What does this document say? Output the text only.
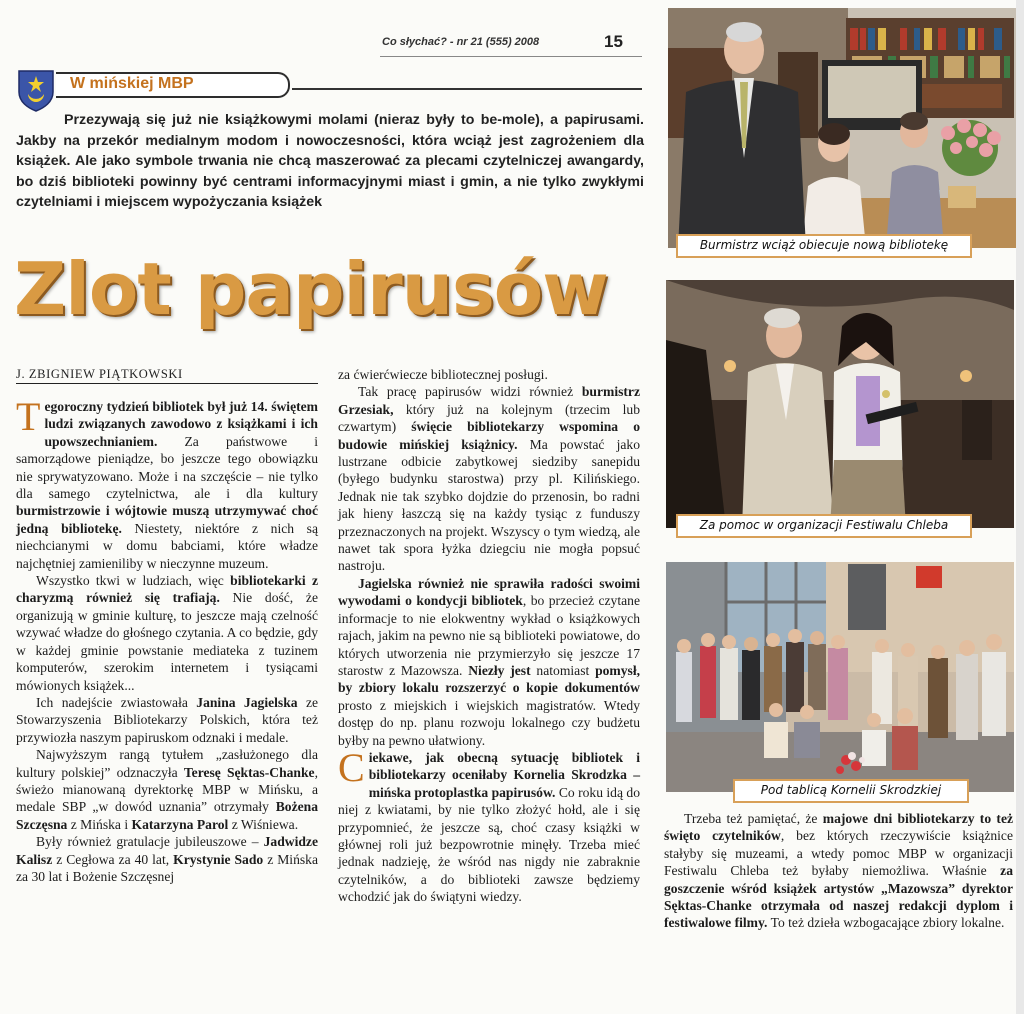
Co słychać? - nr 21 (555) 2008	15
W mińskiej MBP

Przezywają się już nie książkowymi molami (nieraz były to be-mole), a papirusami. Jakby na przekór medialnym modom i nowoczesności, która wciąż jest zagrożeniem dla książek. Ale jako symbole trwania nie chcą maszerować za plecami czytelniczej awangardy, bo dziś biblioteki powinny być centrami informacyjnymi miast i gmin, a nie tylko zwykłymi czytelniami i miejscem wypożyczania książek

Zlot papirusów
J. ZBIGNIEW PIĄTKOWSKI

Tegoroczny tydzień bibliotek był już 14. świętem ludzi związanych zawodowo z książkami i ich upowszechnianiem. Za państwowe i samorządowe pieniądze, bo jeszcze tego obowiązku nie sprywatyzowano. Może i na szczęście – nie tylko dla samego czytelnictwa, ale i dla kultury burmistrzowie i wójtowie muszą utrzymywać choć jedną bibliotekę. Niestety, niektóre z nich są niechcianymi w domu babciami, które władze najchętniej zamieniliby w nieczynne muzeum.

Wszystko tkwi w ludziach, więc bibliotekarki z charyzmą również się trafiają. Nie dość, że organizują w gminie kulturę, to jeszcze mają czelność wzywać władze do głośnego czytania. A co będzie, gdy w każdej gminie powstanie mediateka z tuzinem komputerów, szerokim internetem i tysiącami mówionych książek...

Ich nadejście zwiastowała Janina Jagielska ze Stowarzyszenia Bibliotekarzy Polskich, która też przywiozła naszym papiruskom odznaki i medale.

Najwyższym rangą tytułem „zasłużonego dla kultury polskiej” odznaczyła Teresę Sęktas-Chanke, świeżo mianowaną dyrektorkę MBP w Mińsku, a medale SBP „w dowód uznania” otrzymały Bożena Szczęsna z Mińska i Katarzyna Parol z Wiśniewa.

Były również gratulacje jubileuszowe – Jadwidze Kalisz z Cegłowa za 40 lat, Krystynie Sado z Mińska za 30 lat i Bożenie Szczęsnej

za ćwierćwiecze bibliotecznej posługi.

Tak pracę papirusów widzi również burmistrz Grzesiak, który już na kolejnym (trzecim lub czwartym) święcie bibliotekarzy wspomina o budowie mińskiej książnicy. Ma powstać jako lustrzane odbicie zabytkowej siedziby sanepidu (byłego budynku starostwa) przy pl. Kilińskiego. Jednak nie tak szybko dojdzie do przenosin, bo radni jak hieny łaszczą się na każdy tysiąc z funduszy przeznaczonych na projekt. Wszyscy o tym wiedzą, ale nawet tak spora łyżka dziegciu nie mogła popsuć nastroju.

Jagielska również nie sprawiła radości swoimi wywodami o kondycji bibliotek, bo przecież czytane informacje to nie elokwentny wykład o książkowych rajach, jakim na pewno nie są biblioteki powiatowe, do których utworzenia nie przymierzyło się jeszcze 17 starostw z Mazowsza. Niezły jest natomiast pomysł, by zbiory lokalu rozszerzyć o kopie dokumentów prosto z miejskich i wiejskich magistratów. Wtedy dostęp do np. planu rozwoju lokalnego czy budżetu byłby na pewno ułatwiony.

Ciekawe, jak obecną sytuację bibliotek i bibliotekarzy oceniłaby Kornelia Skrodzka – mińska protoplastka papirusów. Co roku idą do niej z kwiatami, by nie tylko złożyć hołd, ale i się przypomnieć, że jeszcze są, choć czasy książki w głównej roli już bezpowrotnie minęły. Trzeba mieć jednak nadzieję, że wśród nas nigdy nie zabraknie czytelników, a do biblioteki zawsze będziemy wchodzić jak do świątyni wiedzy.

Trzeba też pamiętać, że majowe dni bibliotekarzy to też święto czytelników, bez których rzeczywiście książnice stałyby się muzeami, a wtedy pomoc MBP w organizacji Festiwalu Chleba też byłaby niemożliwa. Właśnie za goszczenie wśród książek artystów „Mazowsza” dyrektor Sęktas-Chanke otrzymała od naszej redakcji dyplom i festiwalowe filmy. To też dzieła wzbogacające zbiory lokalne.

Burmistrz wciąż obiecuje nową bibliotekę
Za pomoc w organizacji Festiwalu Chleba
Pod tablicą Kornelii Skrodzkiej
